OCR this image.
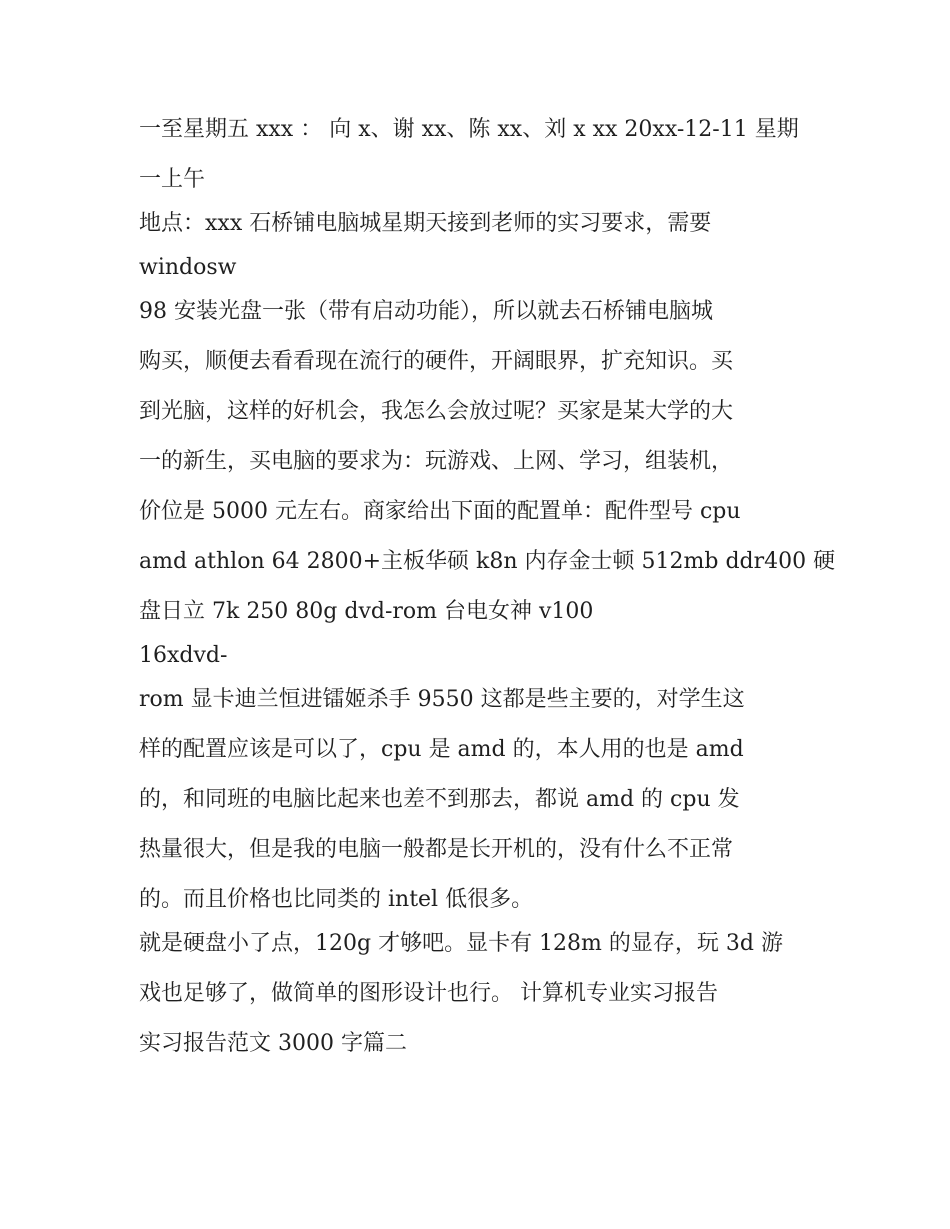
一至星期五 xxx ： 向 x、谢 xx、陈 xx、刘 x xx 20xx-12-11 星期
一上午
地点：xxx 石桥铺电脑城星期天接到老师的实习要求，需要
windosw
98 安装光盘一张（带有启动功能），所以就去石桥铺电脑城
购买，顺便去看看现在流行的硬件，开阔眼界，扩充知识。买
到光脑，这样的好机会，我怎么会放过呢？买家是某大学的大
一的新生，买电脑的要求为：玩游戏、上网、学习，组装机，
价位是 5000 元左右。商家给出下面的配置单：配件型号 cpu
amd athlon 64 2800+主板华硕 k8n 内存金士顿 512mb ddr400 硬
盘日立 7k 250 80g dvd-rom 台电女神 v100
16xdvd-
rom 显卡迪兰恒进镭姬杀手 9550 这都是些主要的，对学生这
样的配置应该是可以了，cpu 是 amd 的，本人用的也是 amd
的，和同班的电脑比起来也差不到那去，都说 amd 的 cpu 发
热量很大，但是我的电脑一般都是长开机的，没有什么不正常
的。而且价格也比同类的 intel 低很多。
就是硬盘小了点，120g 才够吧。显卡有 128m 的显存，玩 3d 游
戏也足够了，做简单的图形设计也行。 计算机专业实习报告
实习报告范文 3000 字篇二
